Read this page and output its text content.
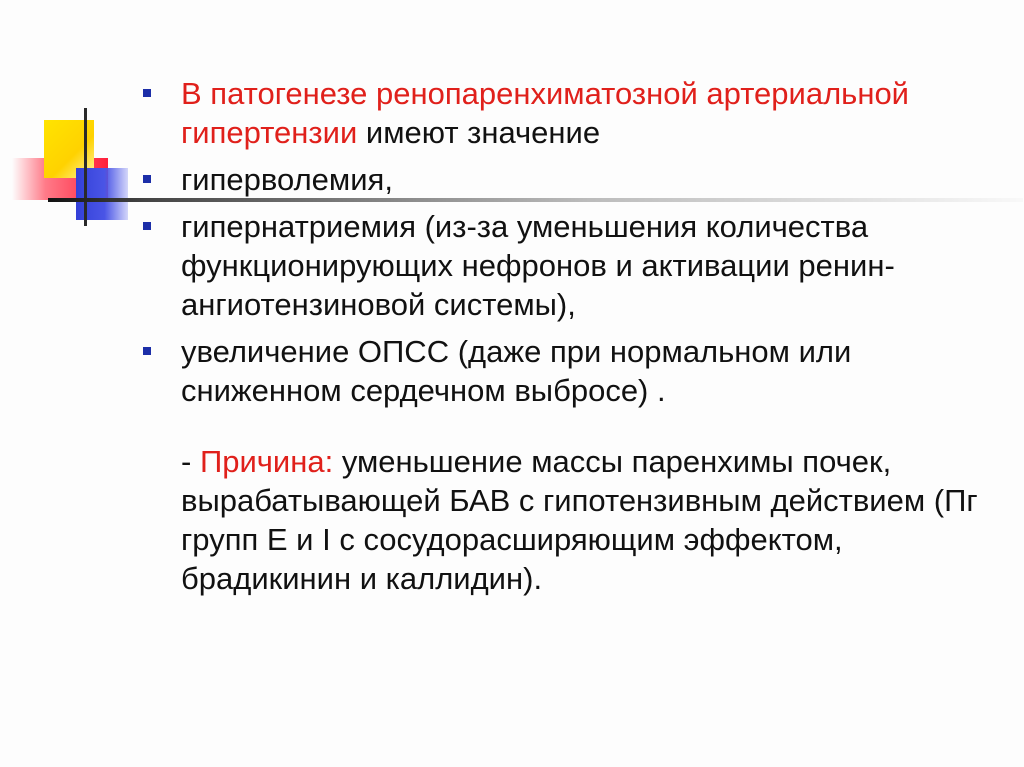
В патогенезе ренопаренхиматозной артериальной гипертензии имеют значение
гиперволемия,
гипернатриемия (из-за уменьшения количества функционирующих нефронов и активации ренин-ангиотензиновой системы),
увеличение ОПСС (даже при нормальном или сниженном сердечном выбросе) .
- Причина: уменьшение массы паренхимы почек, вырабатывающей БАВ с гипотензивным действием (Пг групп Е и I с сосудорасширяющим эффектом, брадикинин и каллидин).
